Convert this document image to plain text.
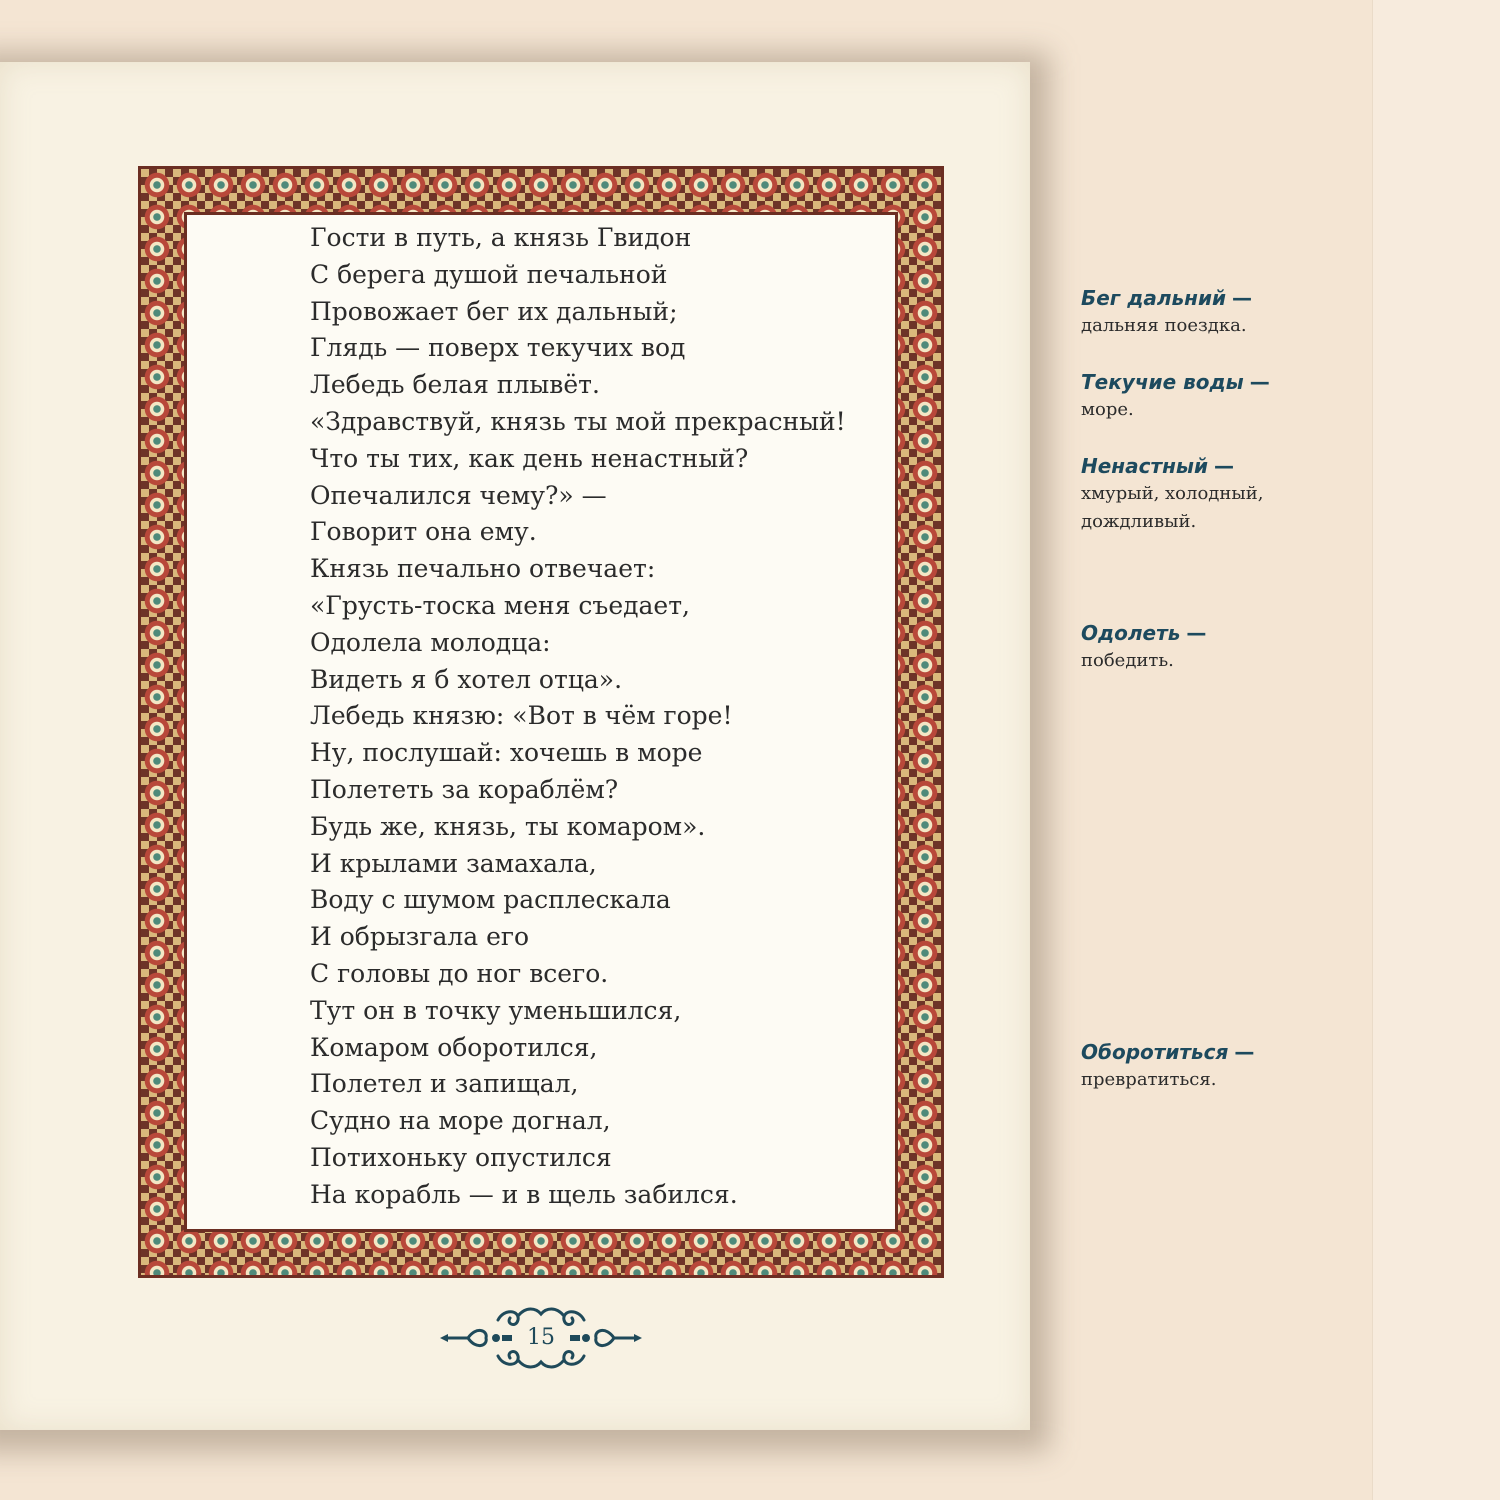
Гости в путь, а князь Гвидон
С берега душой печальной
Провожает бег их дальный;
Глядь — поверх текучих вод
Лебедь белая плывёт.
«Здравствуй, князь ты мой прекрасный!
Что ты тих, как день ненастный?
Опечалился чему?» —
Говорит она ему.
Князь печально отвечает:
«Грусть-тоска меня съедает,
Одолела молодца:
Видеть я б хотел отца».
Лебедь князю: «Вот в чём горе!
Ну, послушай: хочешь в море
Полететь за кораблём?
Будь же, князь, ты комаром».
И крылами замахала,
Воду с шумом расплескала
И обрызгала его
С головы до ног всего.
Тут он в точку уменьшился,
Комаром оборотился,
Полетел и запищал,
Судно на море догнал,
Потихоньку опустился
На корабль — и в щель забился.
15
Бег дальний —
дальняя поездка.
Текучие воды —
море.
Ненастный —
хмурый, холодный, дождливый.
Одолеть —
победить.
Оборотиться —
превратиться.
